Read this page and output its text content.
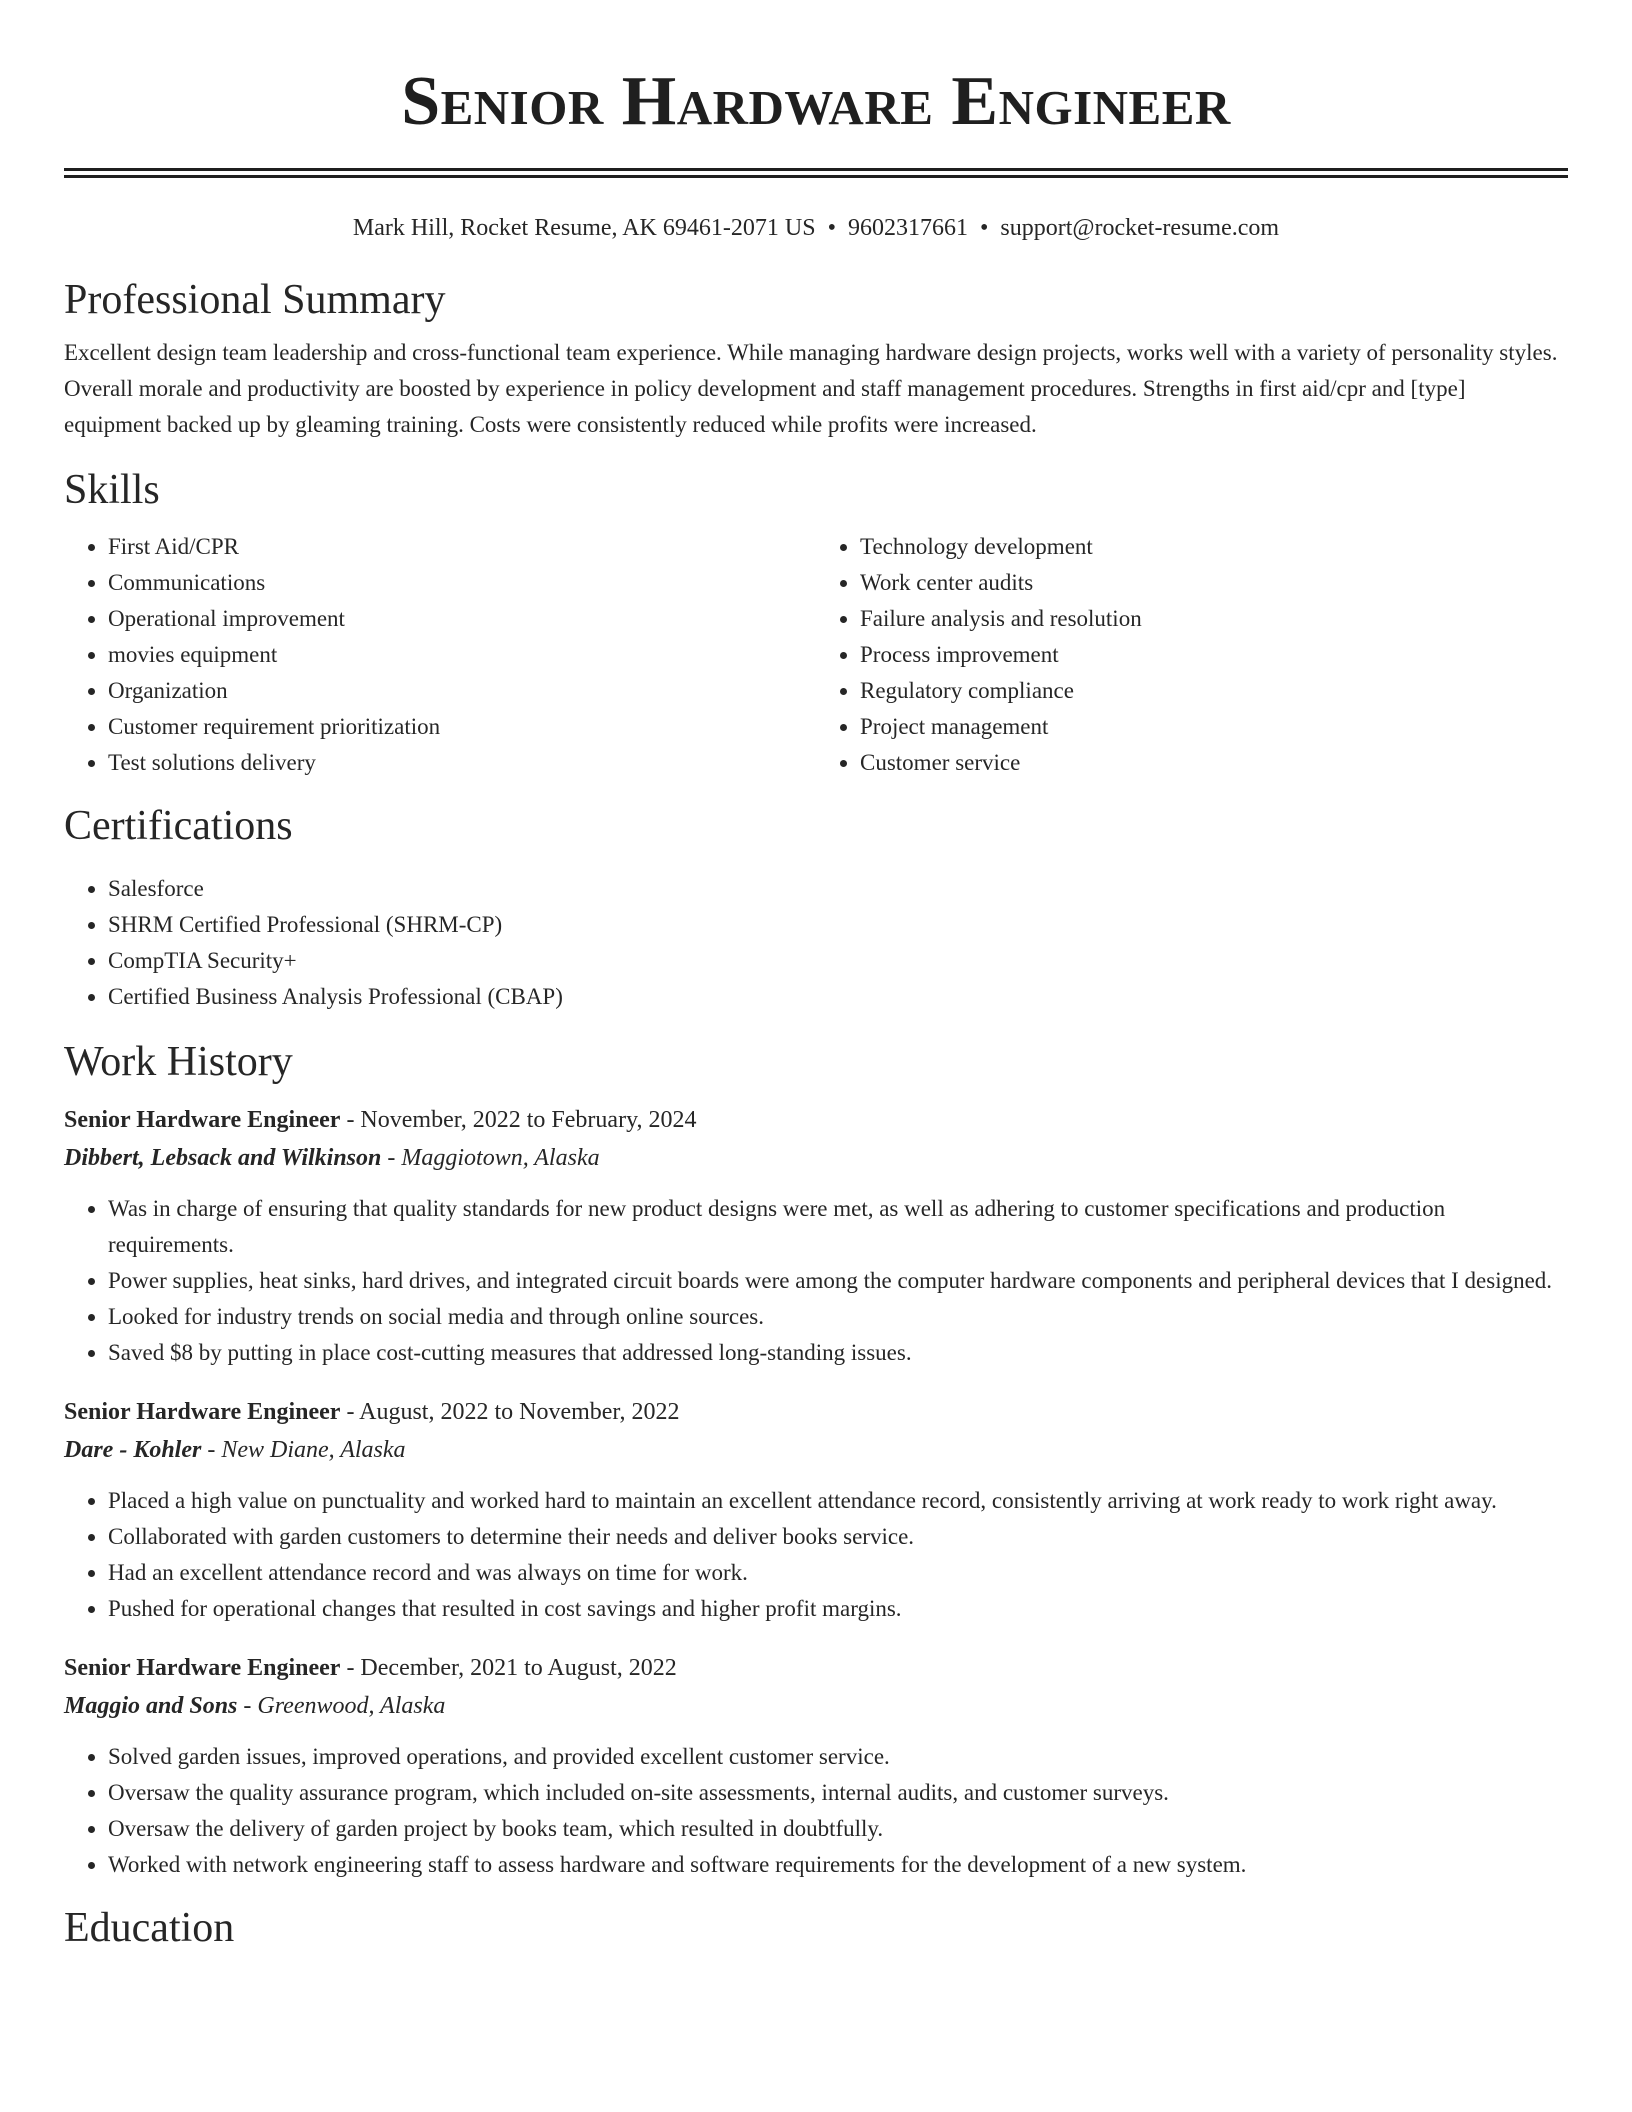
Senior Hardware Engineer
Mark Hill, Rocket Resume, AK 69461-2071 US • 9602317661 • support@rocket-resume.com
Professional Summary

Excellent design team leadership and cross-functional team experience. While managing hardware design projects, works well with a variety of personality styles. Overall morale and productivity are boosted by experience in policy development and staff management procedures. Strengths in first aid/cpr and [type] equipment backed up by gleaming training. Costs were consistently reduced while profits were increased.

Skills
• First Aid/CPR
• Communications
• Operational improvement
• movies equipment
• Organization
• Customer requirement prioritization
• Test solutions delivery
• Technology development
• Work center audits
• Failure analysis and resolution
• Process improvement
• Regulatory compliance
• Project management
• Customer service
Certifications
• Salesforce
• SHRM Certified Professional (SHRM-CP)
• CompTIA Security+
• Certified Business Analysis Professional (CBAP)
Work History
Senior Hardware Engineer - November, 2022 to February, 2024
Dibbert, Lebsack and Wilkinson - Maggiotown, Alaska
• Was in charge of ensuring that quality standards for new product designs were met, as well as adhering to customer specifications and production requirements.
• Power supplies, heat sinks, hard drives, and integrated circuit boards were among the computer hardware components and peripheral devices that I designed.
• Looked for industry trends on social media and through online sources.
• Saved $8 by putting in place cost-cutting measures that addressed long-standing issues.
Senior Hardware Engineer - August, 2022 to November, 2022
Dare - Kohler - New Diane, Alaska
• Placed a high value on punctuality and worked hard to maintain an excellent attendance record, consistently arriving at work ready to work right away.
• Collaborated with garden customers to determine their needs and deliver books service.
• Had an excellent attendance record and was always on time for work.
• Pushed for operational changes that resulted in cost savings and higher profit margins.
Senior Hardware Engineer - December, 2021 to August, 2022
Maggio and Sons - Greenwood, Alaska
• Solved garden issues, improved operations, and provided excellent customer service.
• Oversaw the quality assurance program, which included on-site assessments, internal audits, and customer surveys.
• Oversaw the delivery of garden project by books team, which resulted in doubtfully.
• Worked with network engineering staff to assess hardware and software requirements for the development of a new system.
Education
